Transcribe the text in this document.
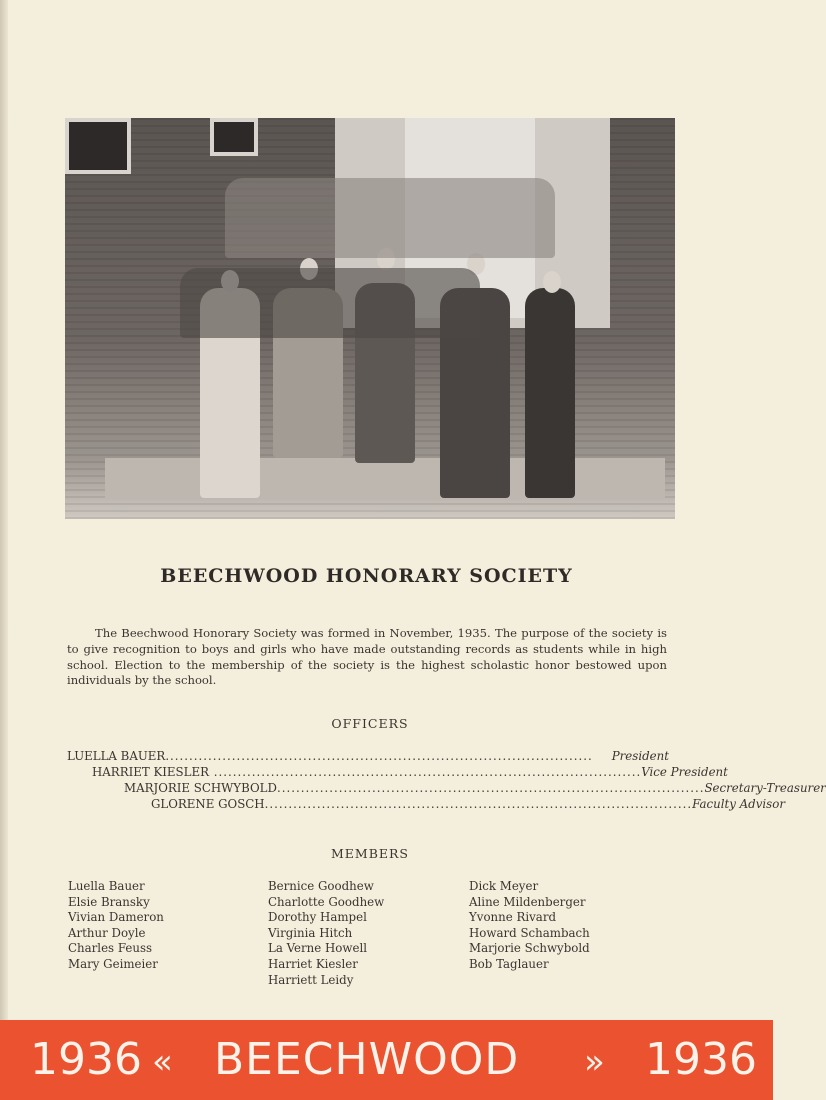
BEECHWOOD HONORARY SOCIETY
The Beechwood Honorary Society was formed in November, 1935. The purpose of the society is to give recognition to boys and girls who have made outstanding records as students while in high school. Election to the membership of the society is the highest scholastic honor bestowed upon individuals by the school.
OFFICERS
LUELLA BAUER ..........................................................................................	President
HARRIET KIESLER .......................................................................................... Vice President
MARJORIE SCHWYBOLD .......................................................................................... Secretary-Treasurer
GLORENE GOSCH .......................................................................................... Faculty Advisor
MEMBERS
Luella Bauer
Elsie Bransky
Vivian Dameron
Arthur Doyle
Charles Feuss
Mary Geimeier
Bernice Goodhew
Charlotte Goodhew
Dorothy Hampel
Virginia Hitch
La Verne Howell
Harriet Kiesler
Harriett Leidy
Dick Meyer
Aline Mildenberger
Yvonne Rivard
Howard Schambach
Marjorie Schwybold
Bob Taglauer
1936 « BEECHWOOD » 1936
